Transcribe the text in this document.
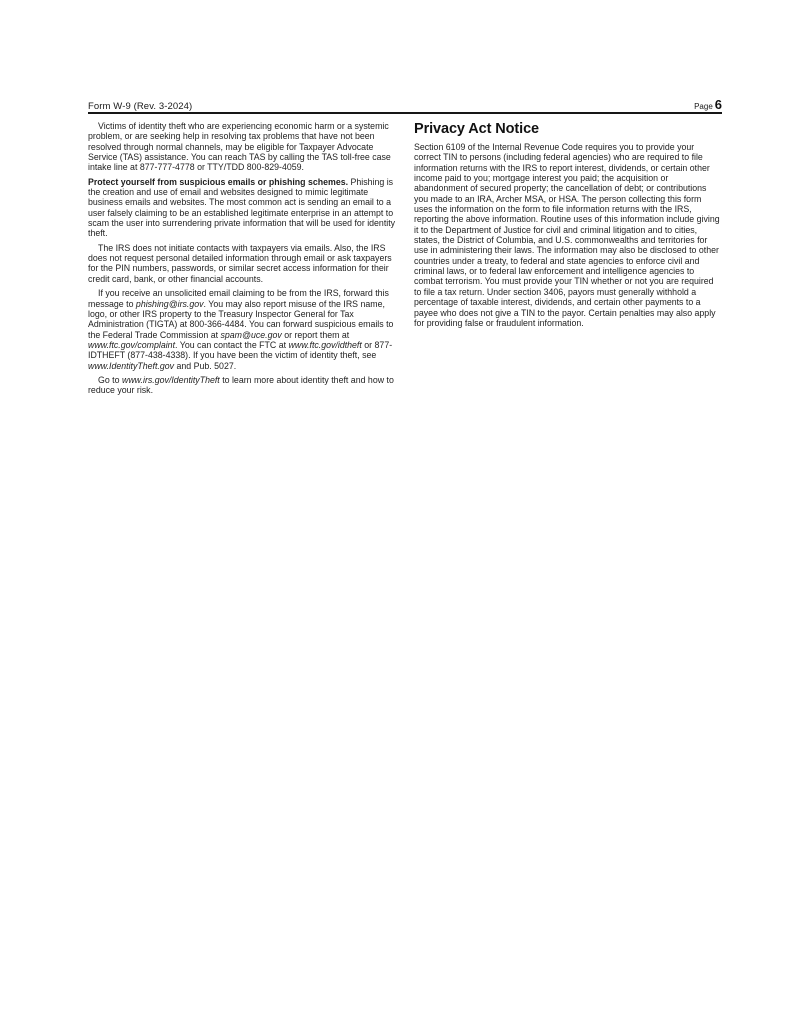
Form W-9 (Rev. 3-2024)	Page 6

Victims of identity theft who are experiencing economic harm or a systemic problem, or are seeking help in resolving tax problems that have not been resolved through normal channels, may be eligible for Taxpayer Advocate Service (TAS) assistance. You can reach TAS by calling the TAS toll-free case intake line at 877-777-4778 or TTY/TDD 800-829-4059.

Protect yourself from suspicious emails or phishing schemes. Phishing is the creation and use of email and websites designed to mimic legitimate business emails and websites. The most common act is sending an email to a user falsely claiming to be an established legitimate enterprise in an attempt to scam the user into surrendering private information that will be used for identity theft.

The IRS does not initiate contacts with taxpayers via emails. Also, the IRS does not request personal detailed information through email or ask taxpayers for the PIN numbers, passwords, or similar secret access information for their credit card, bank, or other financial accounts.

If you receive an unsolicited email claiming to be from the IRS, forward this message to phishing@irs.gov. You may also report misuse of the IRS name, logo, or other IRS property to the Treasury Inspector General for Tax Administration (TIGTA) at 800-366-4484. You can forward suspicious emails to the Federal Trade Commission at spam@uce.gov or report them at www.ftc.gov/complaint. You can contact the FTC at www.ftc.gov/idtheft or 877-IDTHEFT (877-438-4338). If you have been the victim of identity theft, see www.IdentityTheft.gov and Pub. 5027.

Go to www.irs.gov/IdentityTheft to learn more about identity theft and how to reduce your risk.

Privacy Act Notice

Section 6109 of the Internal Revenue Code requires you to provide your correct TIN to persons (including federal agencies) who are required to file information returns with the IRS to report interest, dividends, or certain other income paid to you; mortgage interest you paid; the acquisition or abandonment of secured property; the cancellation of debt; or contributions you made to an IRA, Archer MSA, or HSA. The person collecting this form uses the information on the form to file information returns with the IRS, reporting the above information. Routine uses of this information include giving it to the Department of Justice for civil and criminal litigation and to cities, states, the District of Columbia, and U.S. commonwealths and territories for use in administering their laws. The information may also be disclosed to other countries under a treaty, to federal and state agencies to enforce civil and criminal laws, or to federal law enforcement and intelligence agencies to combat terrorism. You must provide your TIN whether or not you are required to file a tax return. Under section 3406, payors must generally withhold a percentage of taxable interest, dividends, and certain other payments to a payee who does not give a TIN to the payor. Certain penalties may also apply for providing false or fraudulent information.
